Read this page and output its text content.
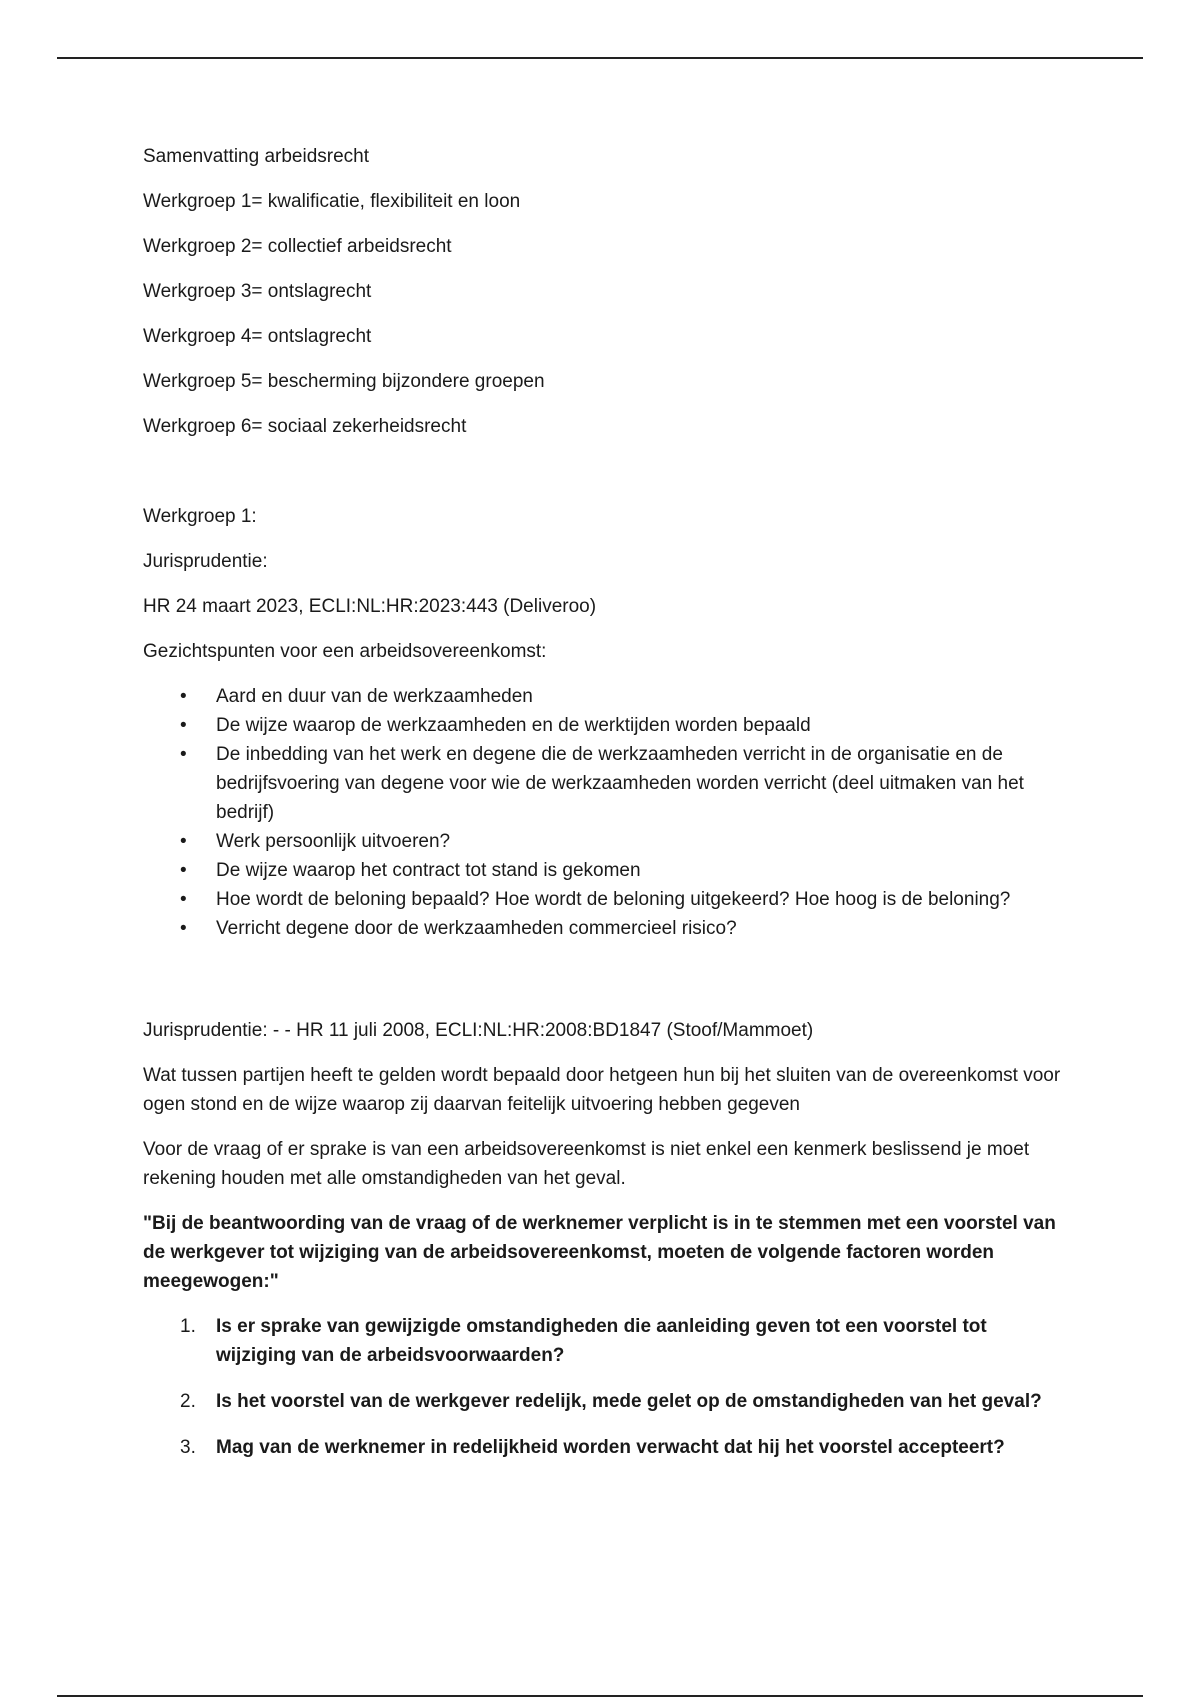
Samenvatting arbeidsrecht

Werkgroep 1= kwalificatie, flexibiliteit en loon

Werkgroep 2= collectief arbeidsrecht

Werkgroep 3= ontslagrecht

Werkgroep 4= ontslagrecht

Werkgroep 5= bescherming bijzondere groepen

Werkgroep 6= sociaal zekerheidsrecht

Werkgroep 1:

Jurisprudentie:

HR 24 maart 2023, ECLI:NL:HR:2023:443 (Deliveroo)

Gezichtspunten voor een arbeidsovereenkomst:

• Aard en duur van de werkzaamheden
• De wijze waarop de werkzaamheden en de werktijden worden bepaald
• De inbedding van het werk en degene die de werkzaamheden verricht in de organisatie en de bedrijfsvoering van degene voor wie de werkzaamheden worden verricht (deel uitmaken van het bedrijf)
• Werk persoonlijk uitvoeren?
• De wijze waarop het contract tot stand is gekomen
• Hoe wordt de beloning bepaald? Hoe wordt de beloning uitgekeerd? Hoe hoog is de beloning?
• Verricht degene door de werkzaamheden commercieel risico?

Jurisprudentie: - - HR 11 juli 2008, ECLI:NL:HR:2008:BD1847 (Stoof/Mammoet)

Wat tussen partijen heeft te gelden wordt bepaald door hetgeen hun bij het sluiten van de overeenkomst voor ogen stond en de wijze waarop zij daarvan feitelijk uitvoering hebben gegeven

Voor de vraag of er sprake is van een arbeidsovereenkomst is niet enkel een kenmerk beslissend je moet rekening houden met alle omstandigheden van het geval.

"Bij de beantwoording van de vraag of de werknemer verplicht is in te stemmen met een voorstel van de werkgever tot wijziging van de arbeidsovereenkomst, moeten de volgende factoren worden meegewogen:"

1. Is er sprake van gewijzigde omstandigheden die aanleiding geven tot een voorstel tot wijziging van de arbeidsvoorwaarden?
2. Is het voorstel van de werkgever redelijk, mede gelet op de omstandigheden van het geval?
3. Mag van de werknemer in redelijkheid worden verwacht dat hij het voorstel accepteert?
